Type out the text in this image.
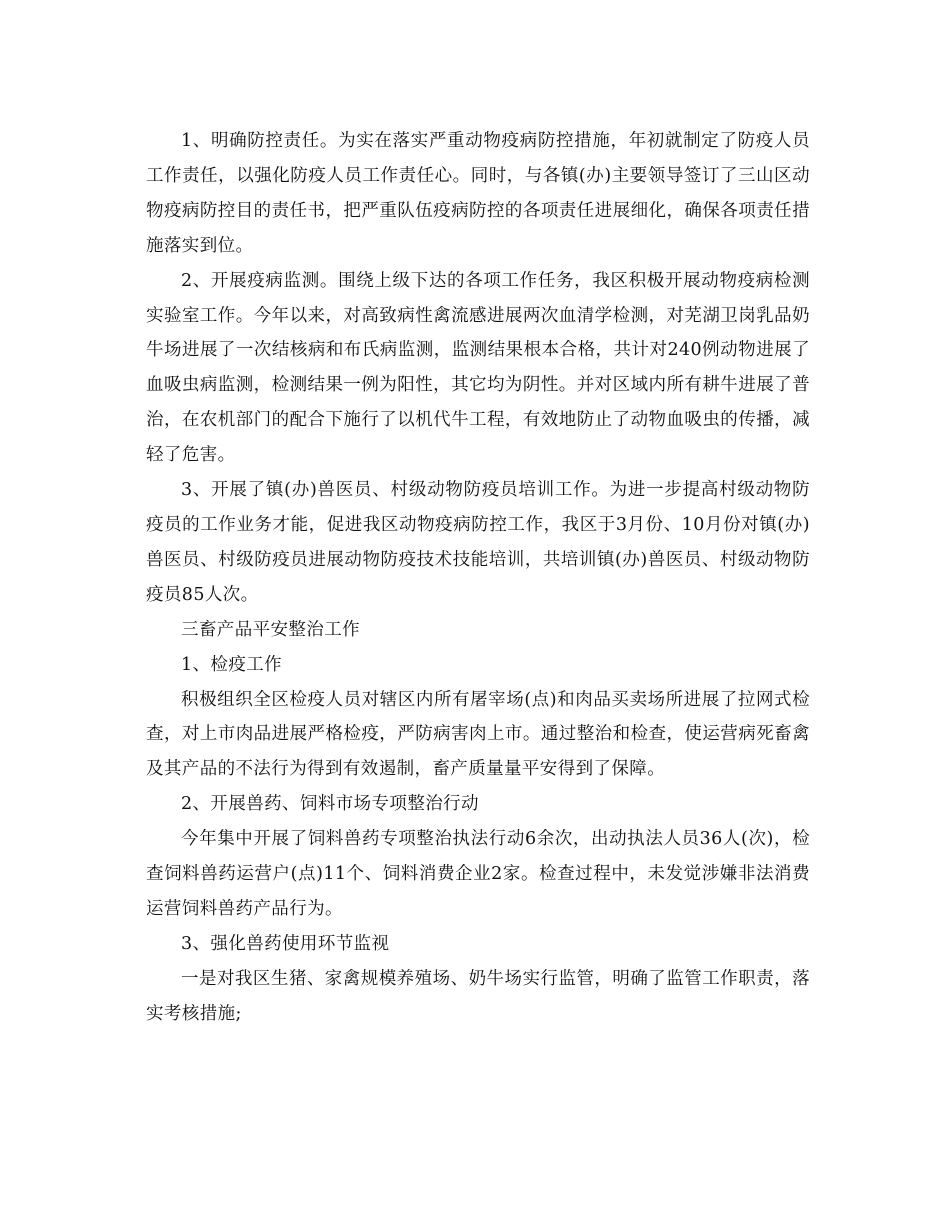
1、明确防控责任。为实在落实严重动物疫病防控措施，年初就制定了防疫人员工作责任，以强化防疫人员工作责任心。同时，与各镇(办)主要领导签订了三山区动物疫病防控目的责任书，把严重队伍疫病防控的各项责任进展细化，确保各项责任措施落实到位。

2、开展疫病监测。围绕上级下达的各项工作任务，我区积极开展动物疫病检测实验室工作。今年以来，对高致病性禽流感进展两次血清学检测，对芜湖卫岗乳品奶牛场进展了一次结核病和布氏病监测，监测结果根本合格，共计对240例动物进展了血吸虫病监测，检测结果一例为阳性，其它均为阴性。并对区域内所有耕牛进展了普治，在农机部门的配合下施行了以机代牛工程，有效地防止了动物血吸虫的传播，减轻了危害。

3、开展了镇(办)兽医员、村级动物防疫员培训工作。为进一步提高村级动物防疫员的工作业务才能，促进我区动物疫病防控工作，我区于3月份、10月份对镇(办)兽医员、村级防疫员进展动物防疫技术技能培训，共培训镇(办)兽医员、村级动物防疫员85人次。

三畜产品平安整治工作

1、检疫工作

积极组织全区检疫人员对辖区内所有屠宰场(点)和肉品买卖场所进展了拉网式检查，对上市肉品进展严格检疫，严防病害肉上市。通过整治和检查，使运营病死畜禽及其产品的不法行为得到有效遏制，畜产质量量平安得到了保障。

2、开展兽药、饲料市场专项整治行动

今年集中开展了饲料兽药专项整治执法行动6余次，出动执法人员36人(次)，检查饲料兽药运营户(点)11个、饲料消费企业2家。检查过程中，未发觉涉嫌非法消费运营饲料兽药产品行为。

3、强化兽药使用环节监视

一是对我区生猪、家禽规模养殖场、奶牛场实行监管，明确了监管工作职责，落实考核措施;
